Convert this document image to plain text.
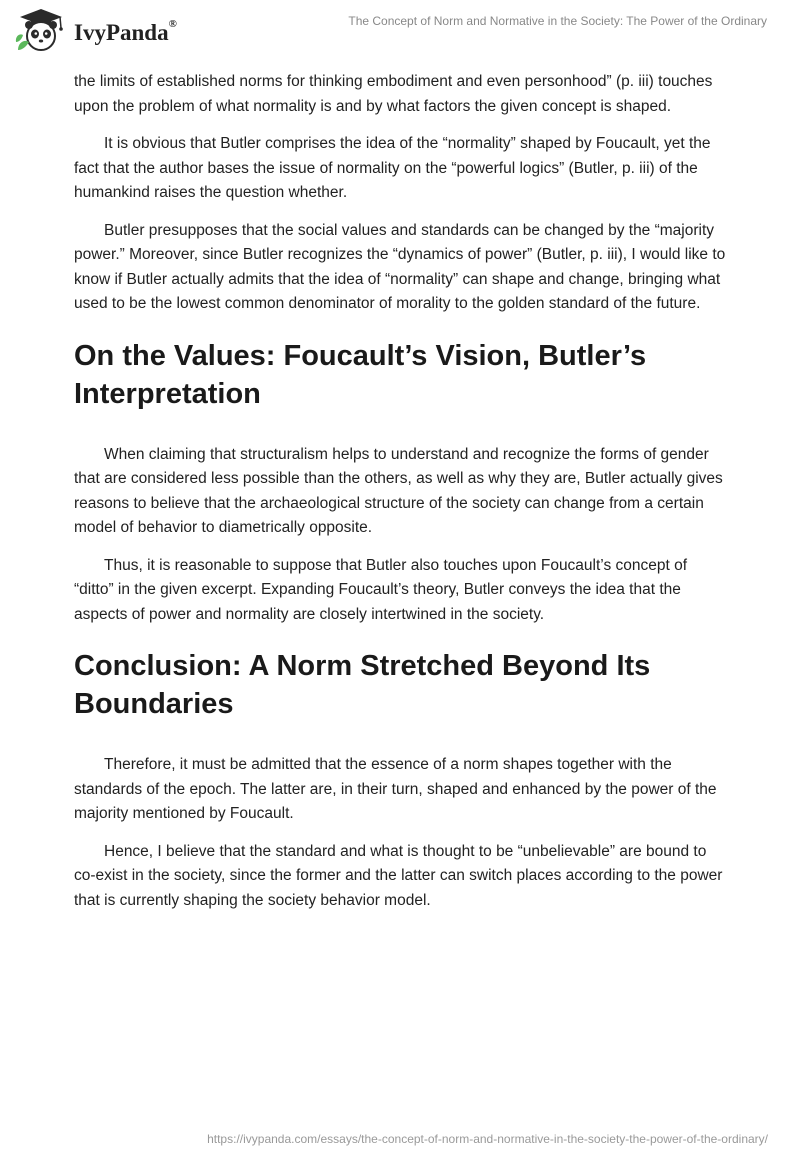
IvyPanda®	The Concept of Norm and Normative in the Society: The Power of the Ordinary

the limits of established norms for thinking embodiment and even personhood” (p. iii) touches upon the problem of what normality is and by what factors the given concept is shaped.

It is obvious that Butler comprises the idea of the “normality” shaped by Foucault, yet the fact that the author bases the issue of normality on the “powerful logics” (Butler, p. iii) of the humankind raises the question whether.

Butler presupposes that the social values and standards can be changed by the “majority power.” Moreover, since Butler recognizes the “dynamics of power” (Butler, p. iii), I would like to know if Butler actually admits that the idea of “normality” can shape and change, bringing what used to be the lowest common denominator of morality to the golden standard of the future.

On the Values: Foucault’s Vision, Butler’s Interpretation

When claiming that structuralism helps to understand and recognize the forms of gender that are considered less possible than the others, as well as why they are, Butler actually gives reasons to believe that the archaeological structure of the society can change from a certain model of behavior to diametrically opposite.

Thus, it is reasonable to suppose that Butler also touches upon Foucault’s concept of “ditto” in the given excerpt. Expanding Foucault’s theory, Butler conveys the idea that the aspects of power and normality are closely intertwined in the society.

Conclusion: A Norm Stretched Beyond Its Boundaries

Therefore, it must be admitted that the essence of a norm shapes together with the standards of the epoch. The latter are, in their turn, shaped and enhanced by the power of the majority mentioned by Foucault.

Hence, I believe that the standard and what is thought to be “unbelievable” are bound to co-exist in the society, since the former and the latter can switch places according to the power that is currently shaping the society behavior model.

https://ivypanda.com/essays/the-concept-of-norm-and-normative-in-the-society-the-power-of-the-ordinary/
